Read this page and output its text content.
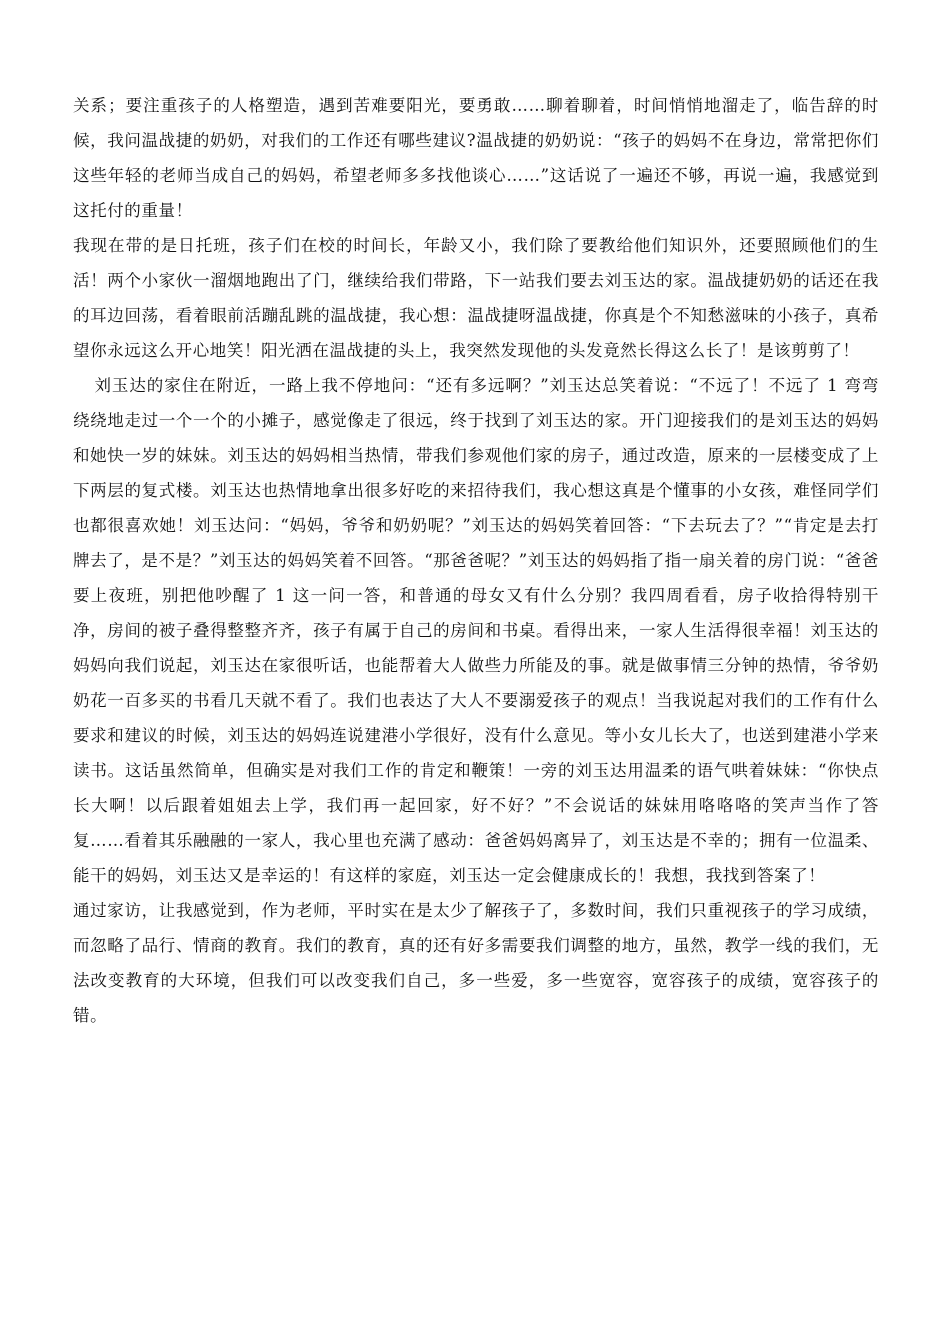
关系；要注重孩子的人格塑造，遇到苦难要阳光，要勇敢……聊着聊着，时间悄悄地溜走了，临告辞的时候，我问温战捷的奶奶，对我们的工作还有哪些建议?温战捷的奶奶说：“孩子的妈妈不在身边，常常把你们这些年轻的老师当成自己的妈妈，希望老师多多找他谈心……”这话说了一遍还不够，再说一遍，我感觉到这托付的重量！

我现在带的是日托班，孩子们在校的时间长，年龄又小，我们除了要教给他们知识外，还要照顾他们的生活！两个小家伙一溜烟地跑出了门，继续给我们带路，下一站我们要去刘玉达的家。温战捷奶奶的话还在我的耳边回荡，看着眼前活蹦乱跳的温战捷，我心想：温战捷呀温战捷，你真是个不知愁滋味的小孩子，真希望你永远这么开心地笑！阳光洒在温战捷的头上，我突然发现他的头发竟然长得这么长了！是该剪剪了！

刘玉达的家住在附近，一路上我不停地问：“还有多远啊？”刘玉达总笑着说：“不远了！不远了 1 弯弯绕绕地走过一个一个的小摊子，感觉像走了很远，终于找到了刘玉达的家。开门迎接我们的是刘玉达的妈妈和她快一岁的妹妹。刘玉达的妈妈相当热情，带我们参观他们家的房子，通过改造，原来的一层楼变成了上下两层的复式楼。刘玉达也热情地拿出很多好吃的来招待我们，我心想这真是个懂事的小女孩，难怪同学们也都很喜欢她！刘玉达问：“妈妈，爷爷和奶奶呢？”刘玉达的妈妈笑着回答：“下去玩去了？”“肯定是去打牌去了，是不是？”刘玉达的妈妈笑着不回答。“那爸爸呢？”刘玉达的妈妈指了指一扇关着的房门说：“爸爸要上夜班，别把他吵醒了 1 这一问一答，和普通的母女又有什么分别？我四周看看，房子收拾得特别干净，房间的被子叠得整整齐齐，孩子有属于自己的房间和书桌。看得出来，一家人生活得很幸福！刘玉达的妈妈向我们说起，刘玉达在家很听话，也能帮着大人做些力所能及的事。就是做事情三分钟的热情，爷爷奶奶花一百多买的书看几天就不看了。我们也表达了大人不要溺爱孩子的观点！当我说起对我们的工作有什么要求和建议的时候，刘玉达的妈妈连说建港小学很好，没有什么意见。等小女儿长大了，也送到建港小学来读书。这话虽然简单，但确实是对我们工作的肯定和鞭策！一旁的刘玉达用温柔的语气哄着妹妹：“你快点长大啊！以后跟着姐姐去上学，我们再一起回家，好不好？”不会说话的妹妹用咯咯咯的笑声当作了答复……看着其乐融融的一家人，我心里也充满了感动：爸爸妈妈离异了，刘玉达是不幸的；拥有一位温柔、能干的妈妈，刘玉达又是幸运的！有这样的家庭，刘玉达一定会健康成长的！我想，我找到答案了！

通过家访，让我感觉到，作为老师，平时实在是太少了解孩子了，多数时间，我们只重视孩子的学习成绩，而忽略了品行、情商的教育。我们的教育，真的还有好多需要我们调整的地方，虽然，教学一线的我们，无法改变教育的大环境，但我们可以改变我们自己，多一些爱，多一些宽容，宽容孩子的成绩，宽容孩子的错。
